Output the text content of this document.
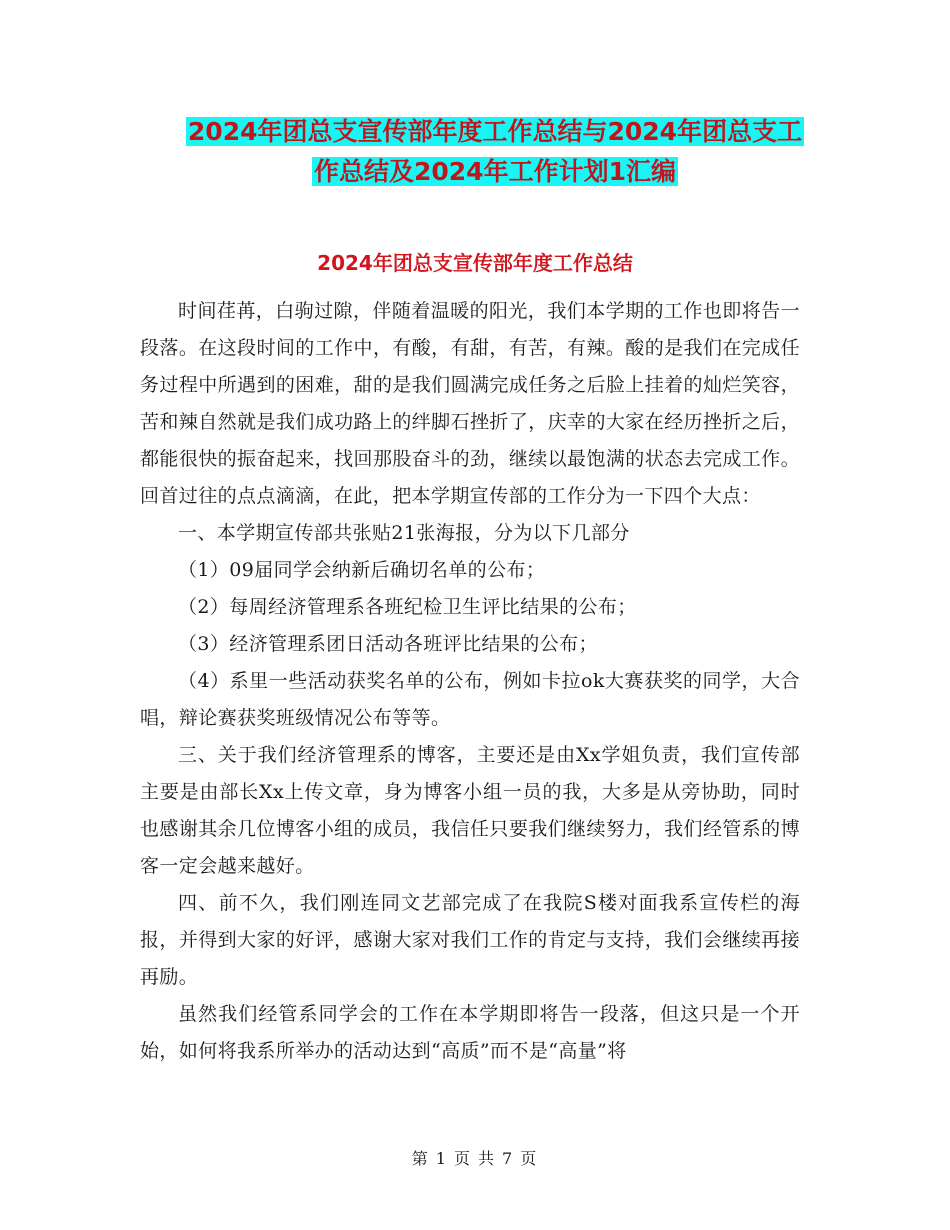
2024年团总支宣传部年度工作总结与2024年团总支工
作总结及2024年工作计划1汇编
2024年团总支宣传部年度工作总结

时间荏苒，白驹过隙，伴随着温暖的阳光，我们本学期的工作也即将告一段落。在这段时间的工作中，有酸，有甜，有苦，有辣。酸的是我们在完成任务过程中所遇到的困难，甜的是我们圆满完成任务之后脸上挂着的灿烂笑容，苦和辣自然就是我们成功路上的绊脚石挫折了，庆幸的大家在经历挫折之后，都能很快的振奋起来，找回那股奋斗的劲，继续以最饱满的状态去完成工作。回首过往的点点滴滴，在此，把本学期宣传部的工作分为一下四个大点：

一、本学期宣传部共张贴21张海报，分为以下几部分

（1）09届同学会纳新后确切名单的公布；

（2）每周经济管理系各班纪检卫生评比结果的公布；

（3）经济管理系团日活动各班评比结果的公布；

（4）系里一些活动获奖名单的公布，例如卡拉ok大赛获奖的同学，大合唱，辩论赛获奖班级情况公布等等。

三、关于我们经济管理系的博客，主要还是由Xx学姐负责，我们宣传部主要是由部长Xx上传文章，身为博客小组一员的我，大多是从旁协助，同时也感谢其余几位博客小组的成员，我信任只要我们继续努力，我们经管系的博客一定会越来越好。

四、前不久，我们刚连同文艺部完成了在我院S楼对面我系宣传栏的海报，并得到大家的好评，感谢大家对我们工作的肯定与支持，我们会继续再接再励。

虽然我们经管系同学会的工作在本学期即将告一段落，但这只是一个开始，如何将我系所举办的活动达到“高质”而不是“高量”将

第 1 页 共 7 页
